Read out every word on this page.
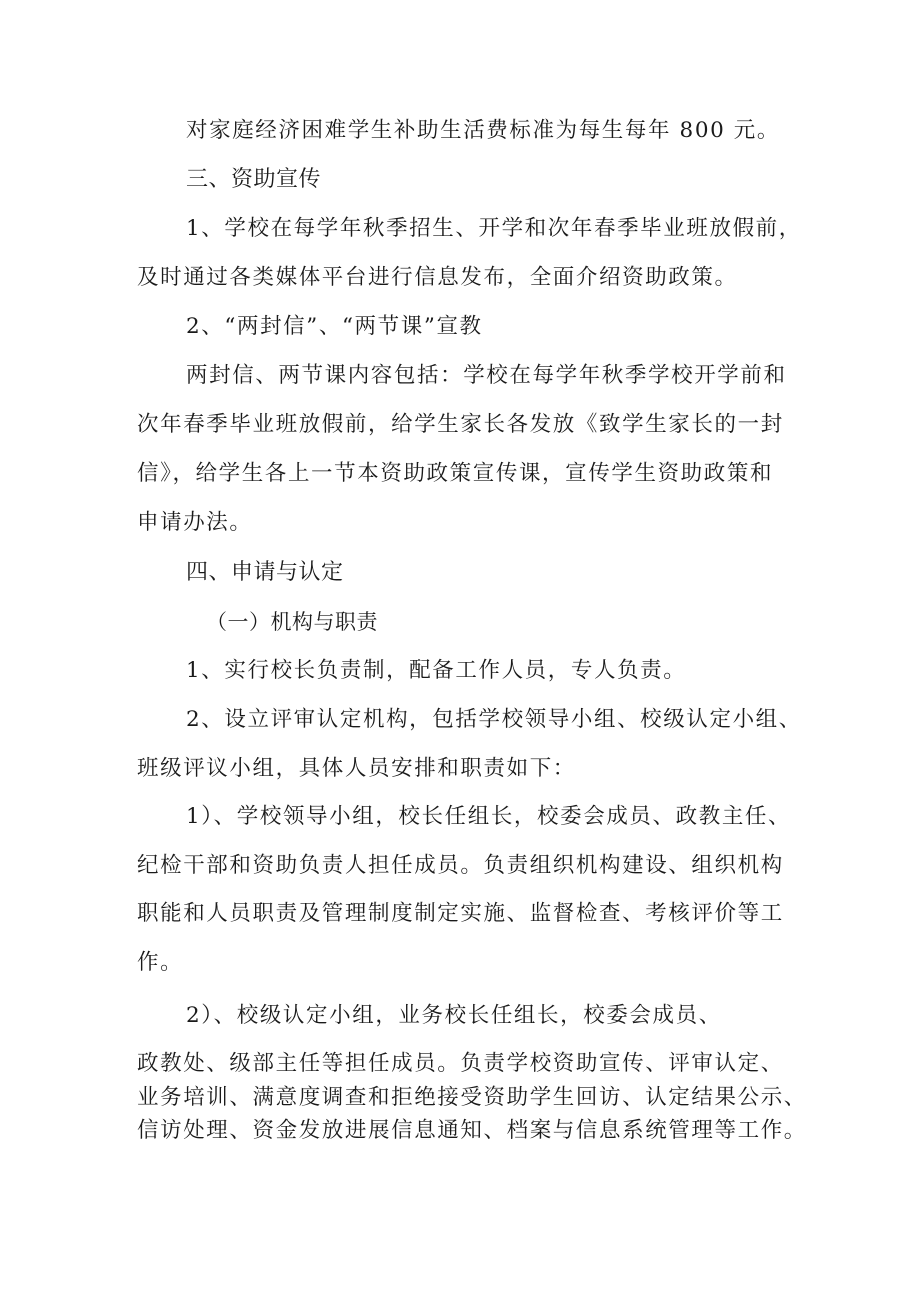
对家庭经济困难学生补助生活费标准为每生每年 800 元。
三、资助宣传
1、学校在每学年秋季招生、开学和次年春季毕业班放假前，
及时通过各类媒体平台进行信息发布，全面介绍资助政策。
2、“两封信”、“两节课”宣教
两封信、两节课内容包括：学校在每学年秋季学校开学前和
次年春季毕业班放假前，给学生家长各发放《致学生家长的一封
信》，给学生各上一节本资助政策宣传课，宣传学生资助政策和
申请办法。
四、申请与认定
（一）机构与职责
1、实行校长负责制，配备工作人员，专人负责。
2、设立评审认定机构，包括学校领导小组、校级认定小组、
班级评议小组，具体人员安排和职责如下：
1）、学校领导小组，校长任组长，校委会成员、政教主任、
纪检干部和资助负责人担任成员。负责组织机构建设、组织机构
职能和人员职责及管理制度制定实施、监督检查、考核评价等工
作。
2）、校级认定小组，业务校长任组长，校委会成员、
政教处、级部主任等担任成员。负责学校资助宣传、评审认定、
业务培训、满意度调查和拒绝接受资助学生回访、认定结果公示、
信访处理、资金发放进展信息通知、档案与信息系统管理等工作。
